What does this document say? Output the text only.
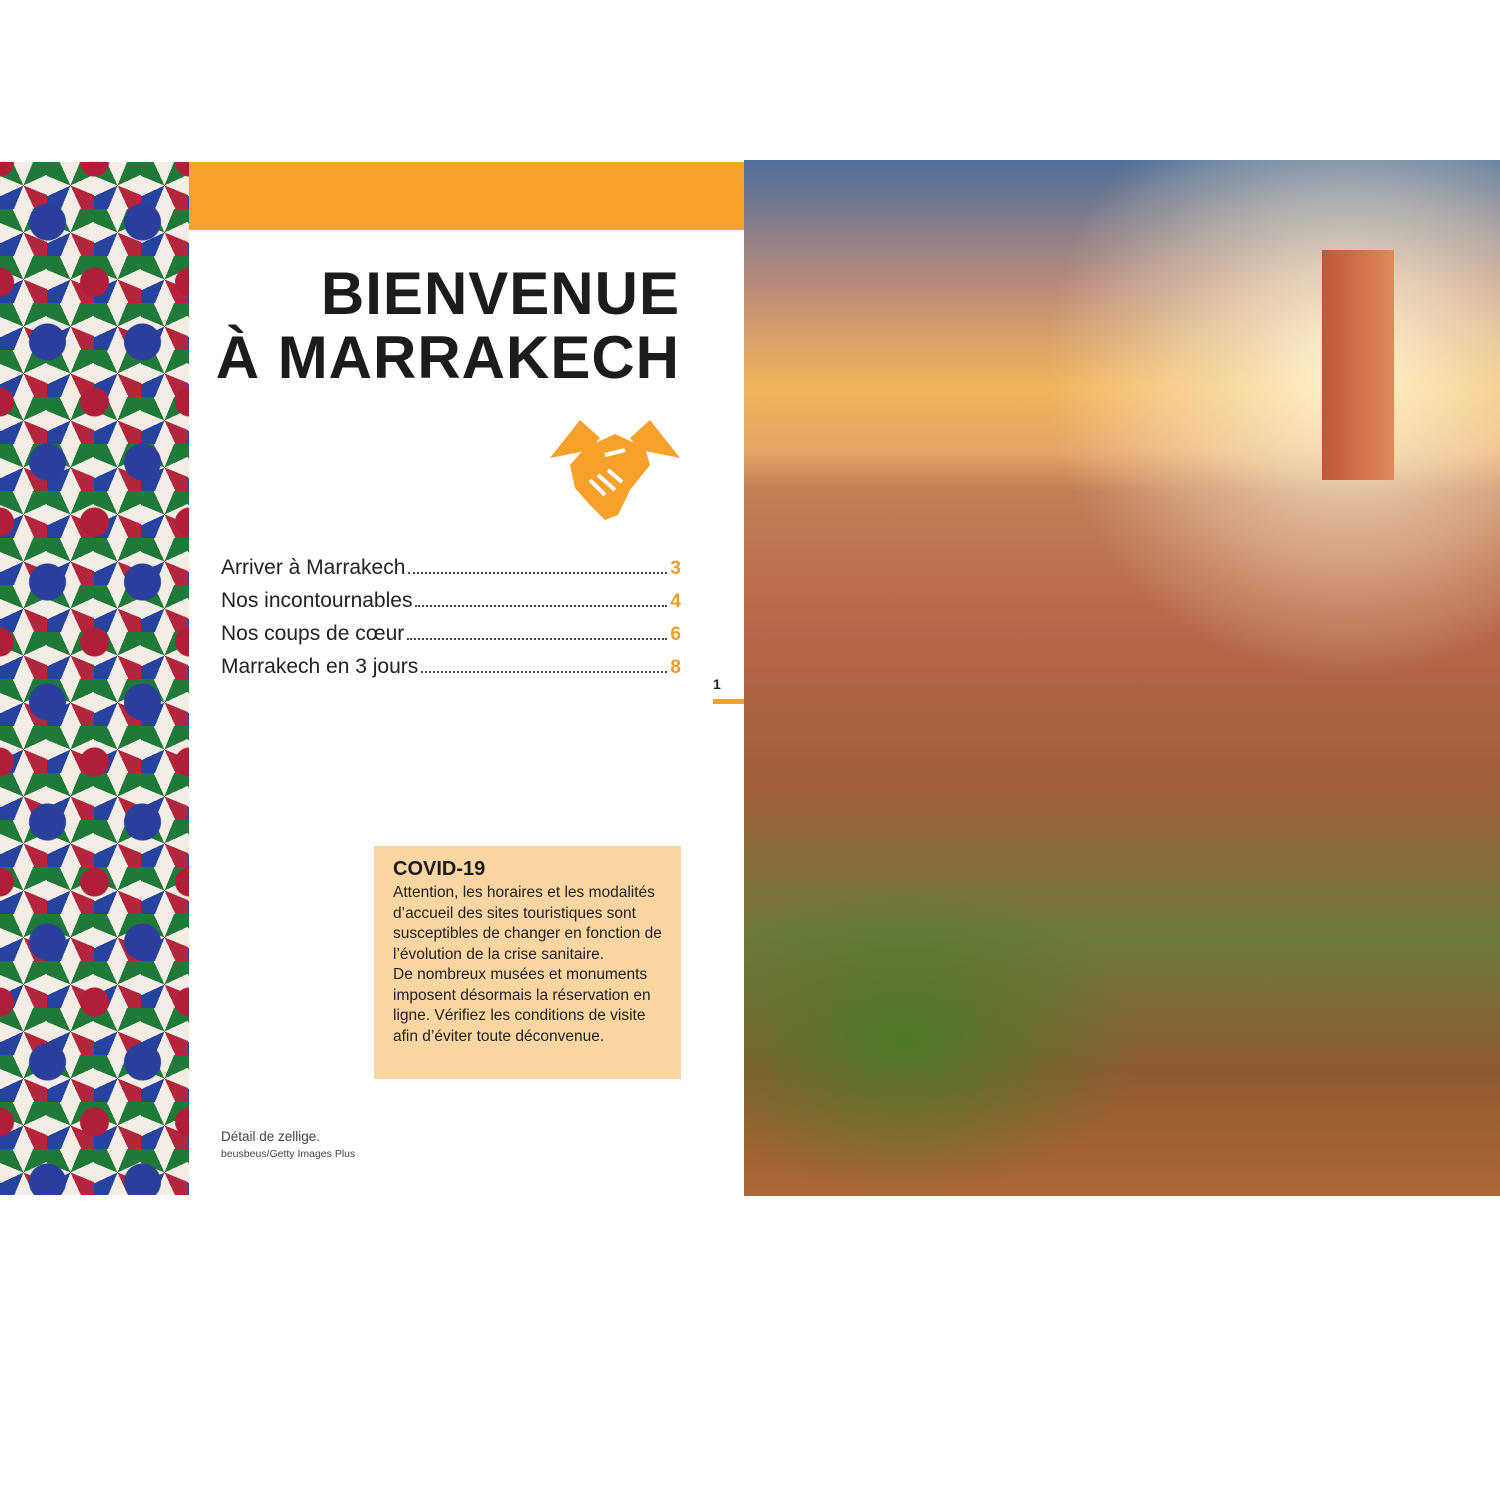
BIENVENUE
À MARRAKECH
Arriver à Marrakech	3
Nos incontournables	4
Nos coups de cœur	6
Marrakech en 3 jours	8
1
COVID-19

Attention, les horaires et les modalités d’accueil des sites touristiques sont susceptibles de changer en fonction de l’évolution de la crise sanitaire.

De nombreux musées et monuments imposent désormais la réservation en ligne. Vérifiez les conditions de visite afin d’éviter toute déconvenue.

Détail de zellige.
beusbeus/Getty Images Plus
